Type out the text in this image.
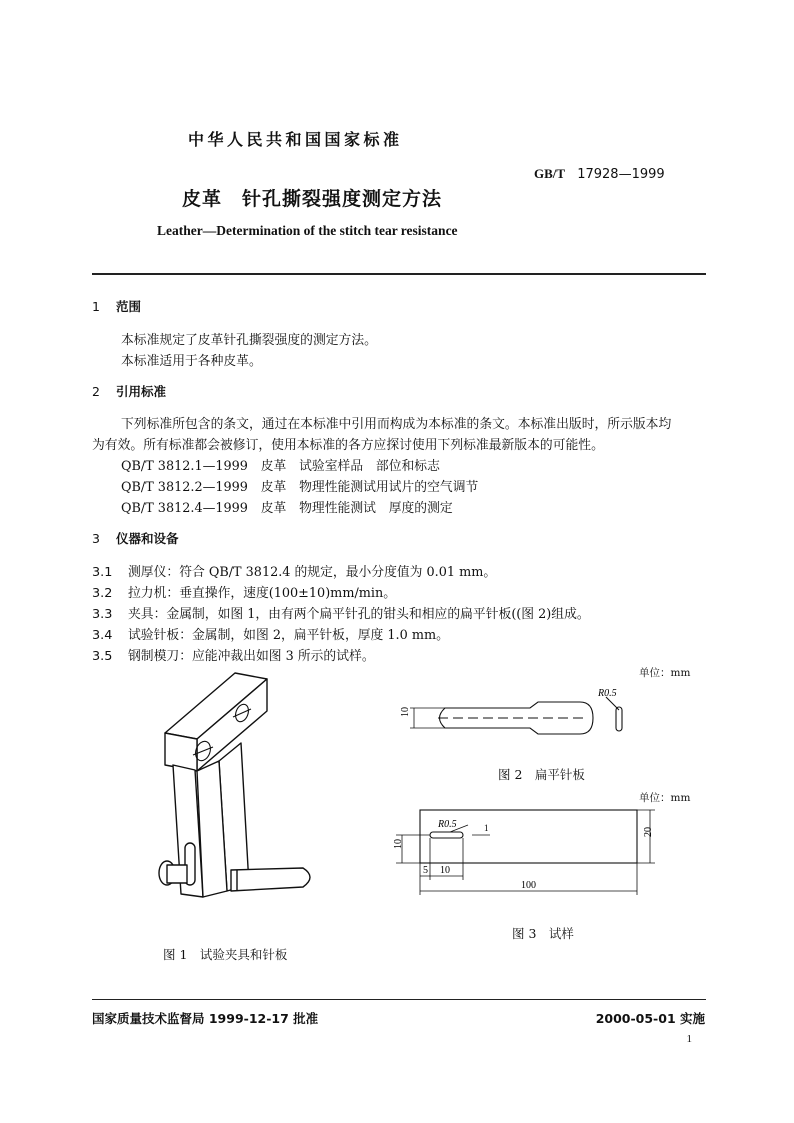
中华人民共和国国家标准
GB/T 17928—1999
皮革　针孔撕裂强度测定方法
Leather—Determination of the stitch tear resistance
1 范围
本标准规定了皮革针孔撕裂强度的测定方法。
本标准适用于各种皮革。
2 引用标准
下列标准所包含的条文，通过在本标准中引用而构成为本标准的条文。本标准出版时，所示版本均
为有效。所有标准都会被修订，使用本标准的各方应探讨使用下列标准最新版本的可能性。
QB/T 3812.1—1999　皮革　试验室样品　部位和标志
QB/T 3812.2—1999　皮革　物理性能测试用试片的空气调节
QB/T 3812.4—1999　皮革　物理性能测试　厚度的测定
3 仪器和设备
3.1 测厚仪：符合 QB/T 3812.4 的规定，最小分度值为 0.01 mm。
3.2 拉力机：垂直操作，速度(100±10)mm/min。
3.3 夹具：金属制，如图 1，由有两个扁平针孔的钳头和相应的扁平针板((图 2)组成。
3.4 试验针板：金属制，如图 2，扁平针板，厚度 1.0 mm。
3.5 钢制模刀：应能冲裁出如图 3 所示的试样。
图 1　试验夹具和针板
单位：mm
10
R0.5
图 2　扁平针板
单位：mm
R0.5	1
10
20
5 10
100
图 3　试样
国家质量技术监督局 1999-12-17 批准	2000-05-01 实施
1
